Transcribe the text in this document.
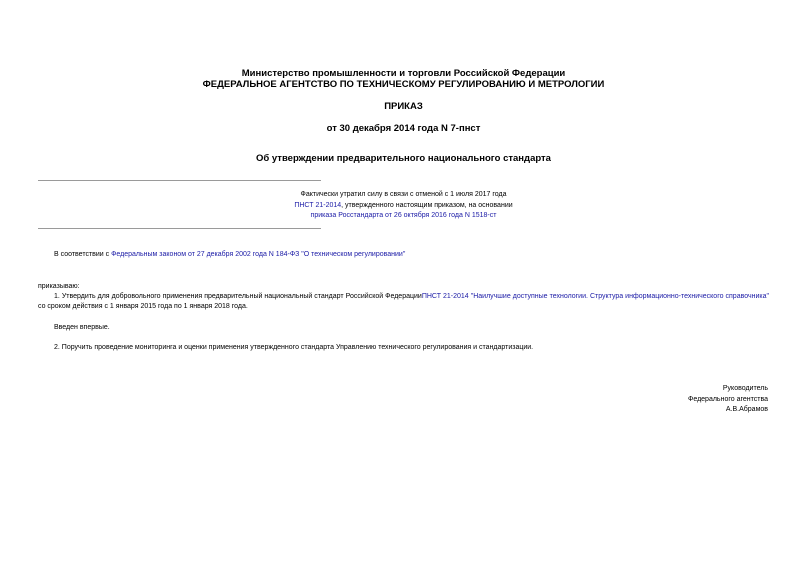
Министерство промышленности и торговли Российской Федерации
ФЕДЕРАЛЬНОЕ АГЕНТСТВО ПО ТЕХНИЧЕСКОМУ РЕГУЛИРОВАНИЮ И МЕТРОЛОГИИ
ПРИКАЗ
от 30 декабря 2014 года N 7-пнст
Об утверждении предварительного национального стандарта
Фактически утратил силу в связи с отменой с 1 июля 2017 года
ПНСТ 21-2014, утвержденного настоящим приказом, на основании
приказа Росстандарта от 26 октября 2016 года N 1518-ст
В соответствии с Федеральным законом от 27 декабря 2002 года N 184-ФЗ "О техническом регулировании"
приказываю:
1. Утвердить для добровольного применения предварительный национальный стандарт Российской ФедерацииПНСТ 21-2014 "Наилучшие доступные технологии. Структура информационно-технического справочника" со сроком действия с 1 января 2015 года по 1 января 2018 года.
Введен впервые.
2. Поручить проведение мониторинга и оценки применения утвержденного стандарта Управлению технического регулирования и стандартизации.
Руководитель
Федерального агентства
А.В.Абрамов
